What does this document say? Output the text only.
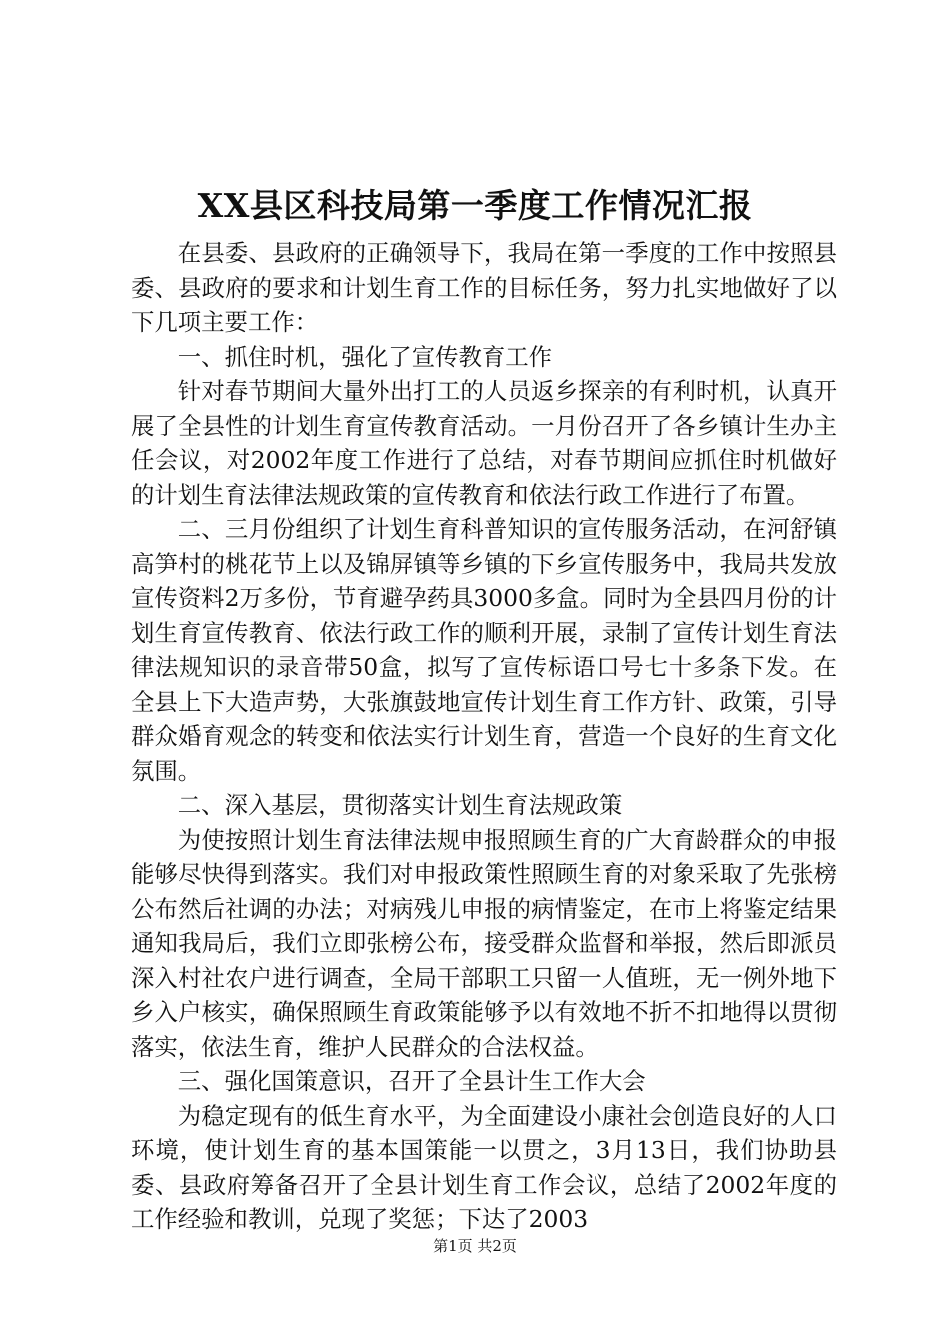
XX县区科技局第一季度工作情况汇报

在县委、县政府的正确领导下，我局在第一季度的工作中按照县委、县政府的要求和计划生育工作的目标任务，努力扎实地做好了以下几项主要工作：

一、抓住时机，强化了宣传教育工作

针对春节期间大量外出打工的人员返乡探亲的有利时机，认真开展了全县性的计划生育宣传教育活动。一月份召开了各乡镇计生办主任会议，对2002年度工作进行了总结，对春节期间应抓住时机做好的计划生育法律法规政策的宣传教育和依法行政工作进行了布置。

二、三月份组织了计划生育科普知识的宣传服务活动，在河舒镇高笋村的桃花节上以及锦屏镇等乡镇的下乡宣传服务中，我局共发放宣传资料2万多份，节育避孕药具3000多盒。同时为全县四月份的计划生育宣传教育、依法行政工作的顺利开展，录制了宣传计划生育法律法规知识的录音带50盒，拟写了宣传标语口号七十多条下发。在全县上下大造声势，大张旗鼓地宣传计划生育工作方针、政策，引导群众婚育观念的转变和依法实行计划生育，营造一个良好的生育文化氛围。

二、深入基层，贯彻落实计划生育法规政策

为使按照计划生育法律法规申报照顾生育的广大育龄群众的申报能够尽快得到落实。我们对申报政策性照顾生育的对象采取了先张榜公布然后社调的办法；对病残儿申报的病情鉴定，在市上将鉴定结果通知我局后，我们立即张榜公布，接受群众监督和举报，然后即派员深入村社农户进行调查，全局干部职工只留一人值班，无一例外地下乡入户核实，确保照顾生育政策能够予以有效地不折不扣地得以贯彻落实，依法生育，维护人民群众的合法权益。

三、强化国策意识，召开了全县计生工作大会

为稳定现有的低生育水平，为全面建设小康社会创造良好的人口环境，使计划生育的基本国策能一以贯之，3月13日，我们协助县委、县政府筹备召开了全县计划生育工作会议，总结了2002年度的工作经验和教训，兑现了奖惩；下达了2003

第1页 共2页
